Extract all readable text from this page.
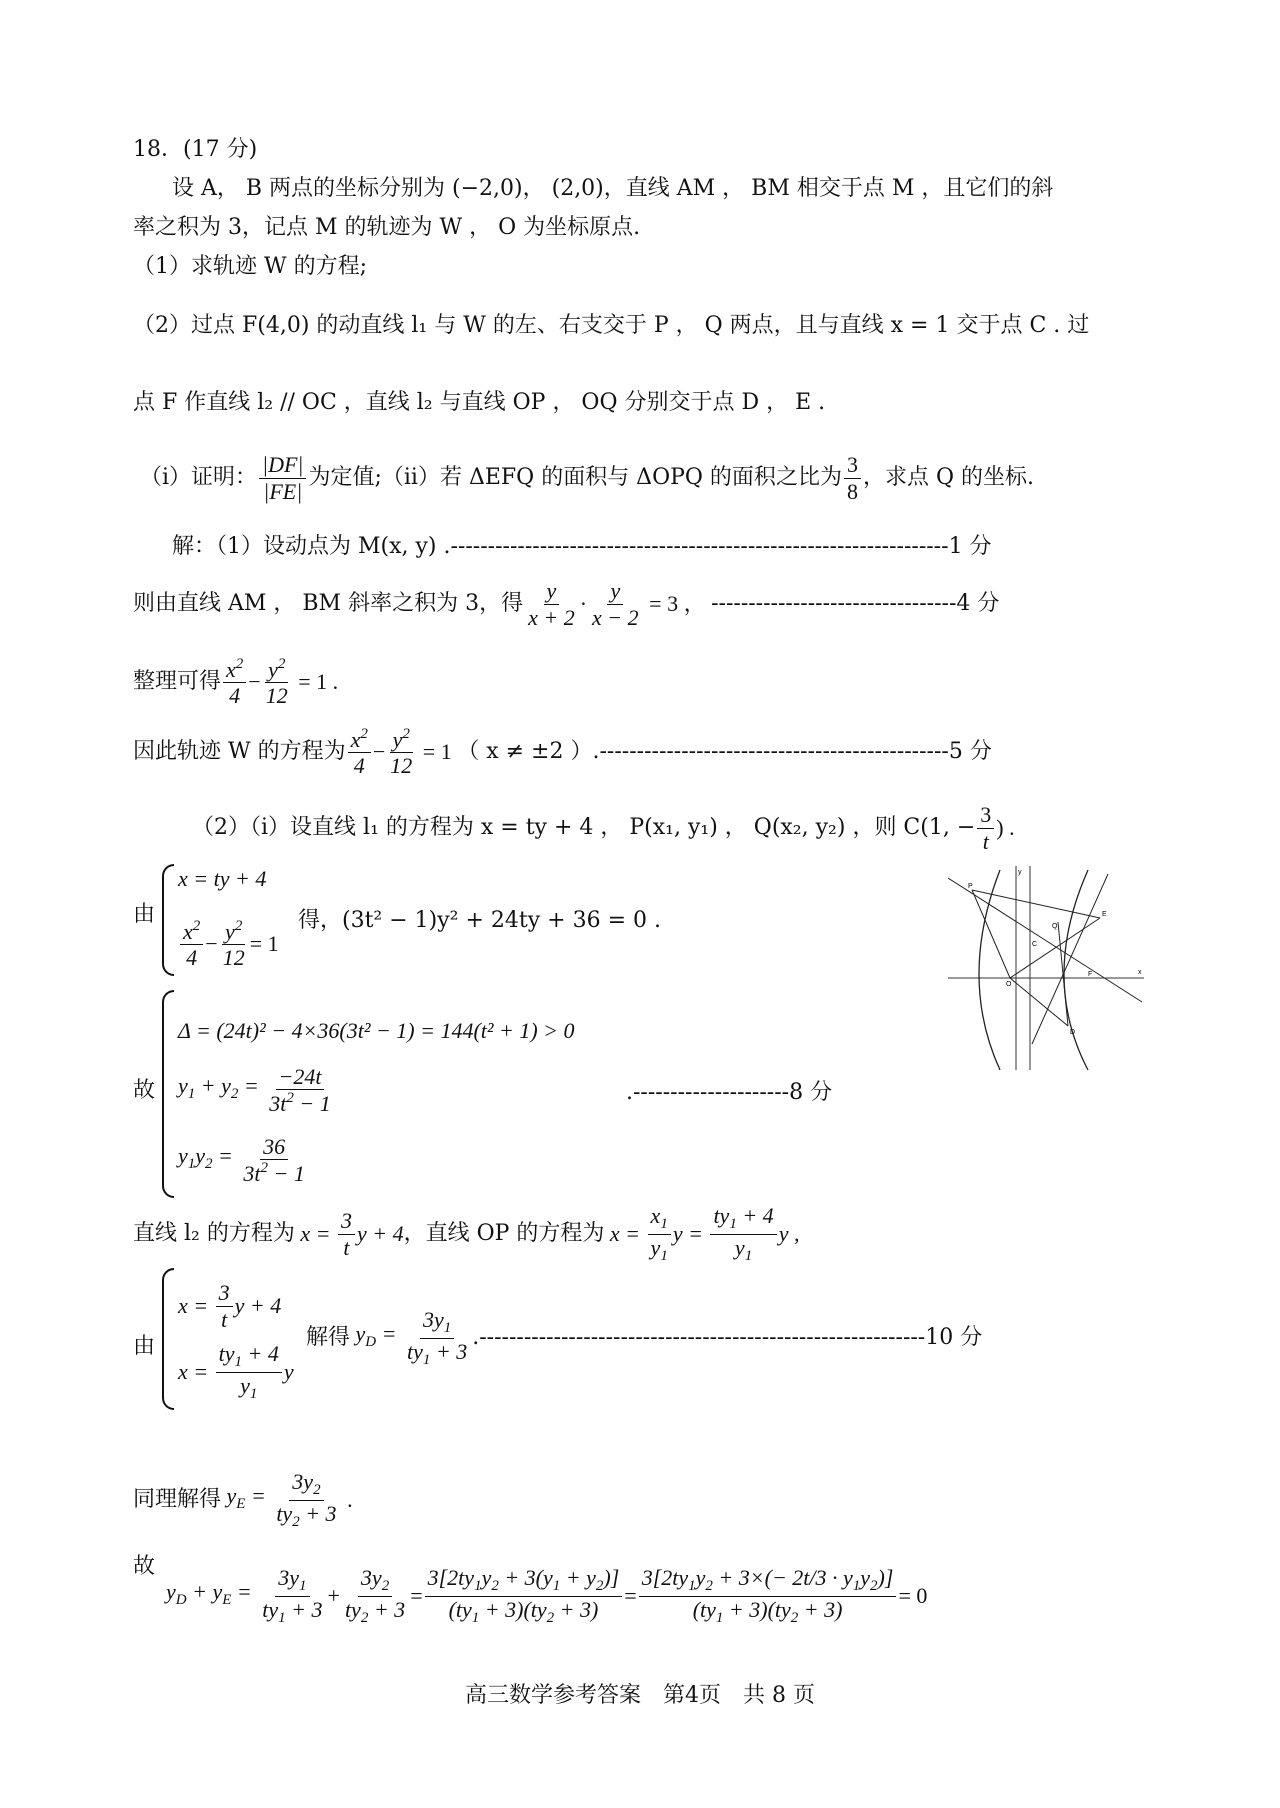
18．(17 分)
设 A， B 两点的坐标分别为 (−2,0)， (2,0)，直线 AM ， BM 相交于点 M ，且它们的斜
率之积为 3，记点 M 的轨迹为 W ， O 为坐标原点.
（1）求轨迹 W 的方程;
（2）过点 F(4,0) 的动直线 l₁ 与 W 的左、右支交于 P ， Q 两点，且与直线 x = 1 交于点 C . 过
点 F 作直线 l₂ // OC ，直线 l₂ 与直线 OP ， OQ 分别交于点 D ， E .
（i）证明： $\frac{|DF|}{|FE|}$ 为定值;（ii）若 ΔEFQ 的面积与 ΔOPQ 的面积之比为 $\frac{3}{8}$ ，求点 Q 的坐标.
解：（1）设动点为 M(x, y) .-------------------------------------------------------------------1 分
则由直线 AM ， BM 斜率之积为 3，得 $\frac{y}{x + 2} \cdot \frac{y}{x - 2} = 3$ ， --------------------------------- 4 分
整理可得 $\frac{x^2}{4} - \frac{y^2}{12} = 1$ .
因此轨迹 W 的方程为 $\frac{x^2}{4} - \frac{y^2}{12} = 1$ （ x ≠ ±2 ）. ----------------------------------------------- 5 分
（2）（i）设直线 l₁ 的方程为 x = ty + 4 ， P(x₁, y₁) ， Q(x₂, y₂) ，则 C(1, − $\frac{3}{t}$ ) .
由
x = ty + 4
$\frac{x^2}{4} - \frac{y^2}{12} = 1$
得，(3t² − 1)y² + 24ty + 36 = 0 .
P
C
E
D
O
F
Q
y
x
故
Δ = (24t)² − 4×36(3t² − 1) = 144(t² + 1) > 0
$y_1 + y_2 = \frac{-24t}{3t^2 - 1}$	.---------------------8 分
$y_1y_2 = \frac{36}{3t^2 - 1}$
直线 l₂ 的方程为 $x = \frac{3}{t}$ y + 4 ，直线 OP 的方程为 $x = \frac{x_1}{y_1}$ $y = \frac{ty_1 + 4}{y_1}$ y ,
由
$x = \frac{3}{t}$ y + 4
$x = \frac{ty_1 + 4}{y_1}$ y
解得 $y_D = \frac{3y_1}{ty_1 + 3}$ .------------------------------------------------------------ 10 分
同理解得 $y_E = \frac{3y_2}{ty_2 + 3}$ .
故
$y_D + y_E = \frac{3y_1}{ty_1 + 3} + \frac{3y_2}{ty_2 + 3} = \frac{3[2ty_1y_2 + 3(y_1 + y_2)]}{(ty_1 + 3)(ty_2 + 3)} = \frac{3[2ty_1y_2 + 3\times(- 2t/3 \cdot y_1y_2)]}{(ty_1 + 3)(ty_2 + 3)} = 0$
高三数学参考答案　第4页　共 8 页
